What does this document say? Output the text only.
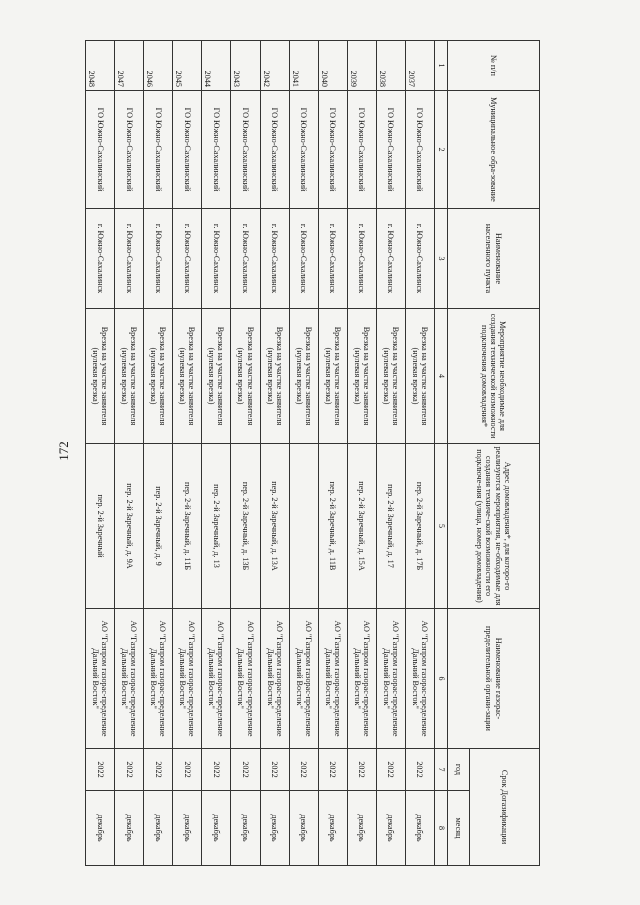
172
№ п/п	Муниципальное обра-зование	Наименование населенного пункта	Мероприятие необходимые для создания технической возможности подключения домовладения*	Адрес домовладения*, для которо-го реализуются мероприятия, не-обходимые для создания техниче-ской возможности его подключе-ния (улица, номер домовладения)	Наименование газорас-пределительной органи-зации	Срок Догазификации	
						год	месяц
1	2	3	4	5	6	7	8
2037	ГО Южно-Сахалинский	г. Южно-Сахалинск	Врезка на участке заявителя (нулевая врезка)	пер. 2-й Заречный, д. 17Б	АО "Газпром газорас-пределение Дальний Восток"	2022	декабрь
2038	ГО Южно-Сахалинский	г. Южно-Сахалинск	Врезка на участке заявителя (нулевая врезка)	пер. 2-й Заречный, д. 17	АО "Газпром газорас-пределение Дальний Восток"	2022	декабрь
2039	ГО Южно-Сахалинский	г. Южно-Сахалинск	Врезка на участке заявителя (нулевая врезка)	пер. 2-й Заречный, д. 15А	АО "Газпром газорас-пределение Дальний Восток"	2022	декабрь
2040	ГО Южно-Сахалинский	г. Южно-Сахалинск	Врезка на участке заявителя (нулевая врезка)	пер. 2-й Заречный, д. 11В	АО "Газпром газорас-пределение Дальний Восток"	2022	декабрь
2041	ГО Южно-Сахалинский	г. Южно-Сахалинск	Врезка на участке заявителя (нулевая врезка)		АО "Газпром газорас-пределение Дальний Восток"	2022	декабрь
2042	ГО Южно-Сахалинский	г. Южно-Сахалинск	Врезка на участке заявителя (нулевая врезка)	пер. 2-й Заречный, д. 13А	АО "Газпром газорас-пределение Дальний Восток"	2022	декабрь
2043	ГО Южно-Сахалинский	г. Южно-Сахалинск	Врезка на участке заявителя (нулевая врезка)	пер. 2-й Заречный, д. 13Б	АО "Газпром газорас-пределение Дальний Восток"	2022	декабрь
2044	ГО Южно-Сахалинский	г. Южно-Сахалинск	Врезка на участке заявителя (нулевая врезка)	пер. 2-й Заречный, д. 13	АО "Газпром газорас-пределение Дальний Восток"	2022	декабрь
2045	ГО Южно-Сахалинский	г. Южно-Сахалинск	Врезка на участке заявителя (нулевая врезка)	пер. 2-й Заречный, д. 11Б	АО "Газпром газорас-пределение Дальний Восток"	2022	декабрь
2046	ГО Южно-Сахалинский	г. Южно-Сахалинск	Врезка на участке заявителя (нулевая врезка)	пер. 2-й Заречный, д. 9	АО "Газпром газорас-пределение Дальний Восток"	2022	декабрь
2047	ГО Южно-Сахалинский	г. Южно-Сахалинск	Врезка на участке заявителя (нулевая врезка)	пер. 2-й Заречный, д. 9А	АО "Газпром газорас-пределение Дальний Восток"	2022	декабрь
2048	ГО Южно-Сахалинский	г. Южно-Сахалинск	Врезка на участке заявителя (нулевая врезка)	пер. 2-й Заречный	АО "Газпром газорас-пределение Дальний Восток"	2022	декабрь
